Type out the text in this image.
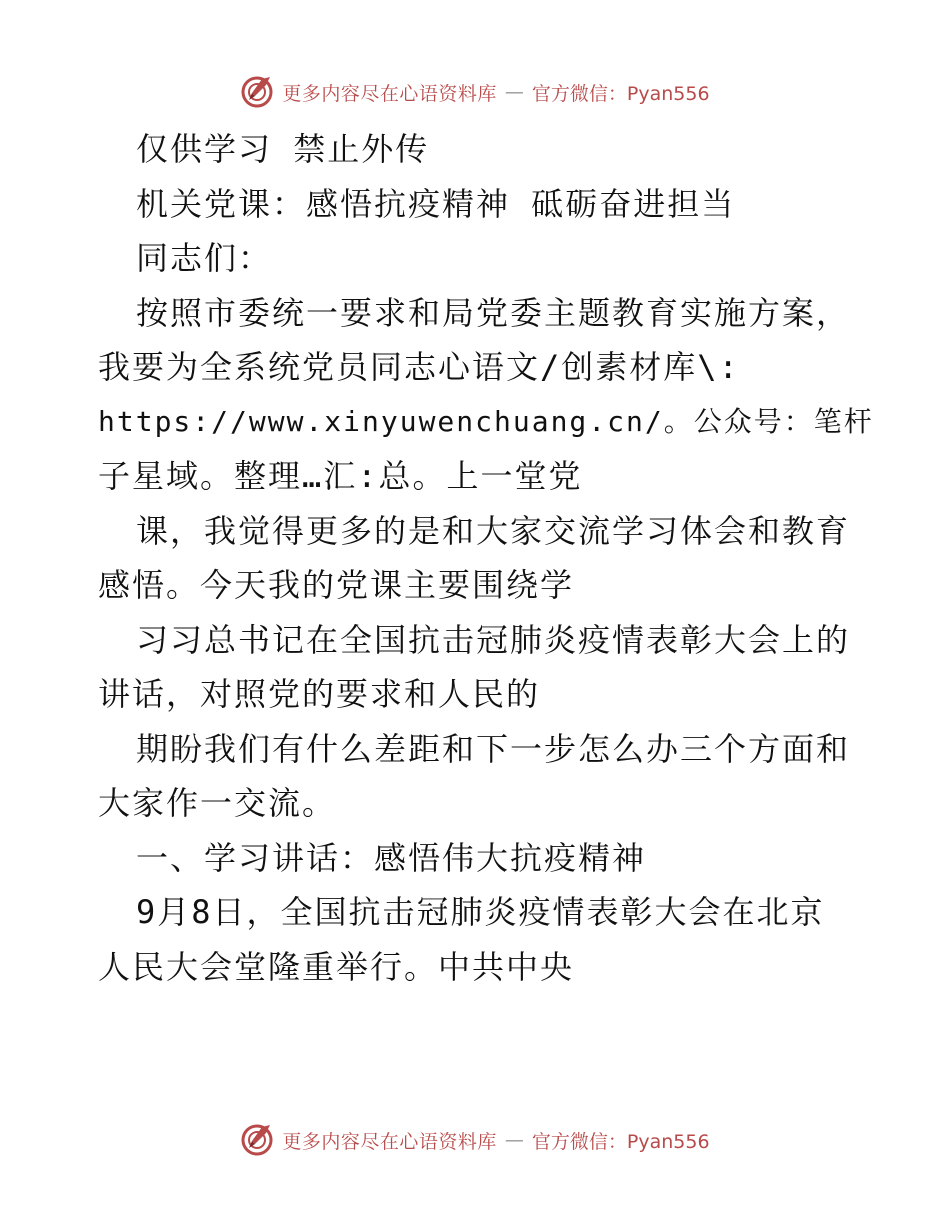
更多内容尽在心语资料库 — 官方微信：Pyan556
仅供学习 禁止外传
机关党课：感悟抗疫精神 砥砺奋进担当
同志们：
按照市委统一要求和局党委主题教育实施方案，
我要为全系统党员同志心语文/创素材库\:
https://www.xinyuwenchuang.cn/。公众号：笔杆
子星域。整理…汇:总。上一堂党
课，我觉得更多的是和大家交流学习体会和教育
感悟。今天我的党课主要围绕学
习习总书记在全国抗击冠肺炎疫情表彰大会上的
讲话，对照党的要求和人民的
期盼我们有什么差距和下一步怎么办三个方面和
大家作一交流。
一、学习讲话：感悟伟大抗疫精神
9月8日，全国抗击冠肺炎疫情表彰大会在北京
人民大会堂隆重举行。中共中央
更多内容尽在心语资料库 — 官方微信：Pyan556
